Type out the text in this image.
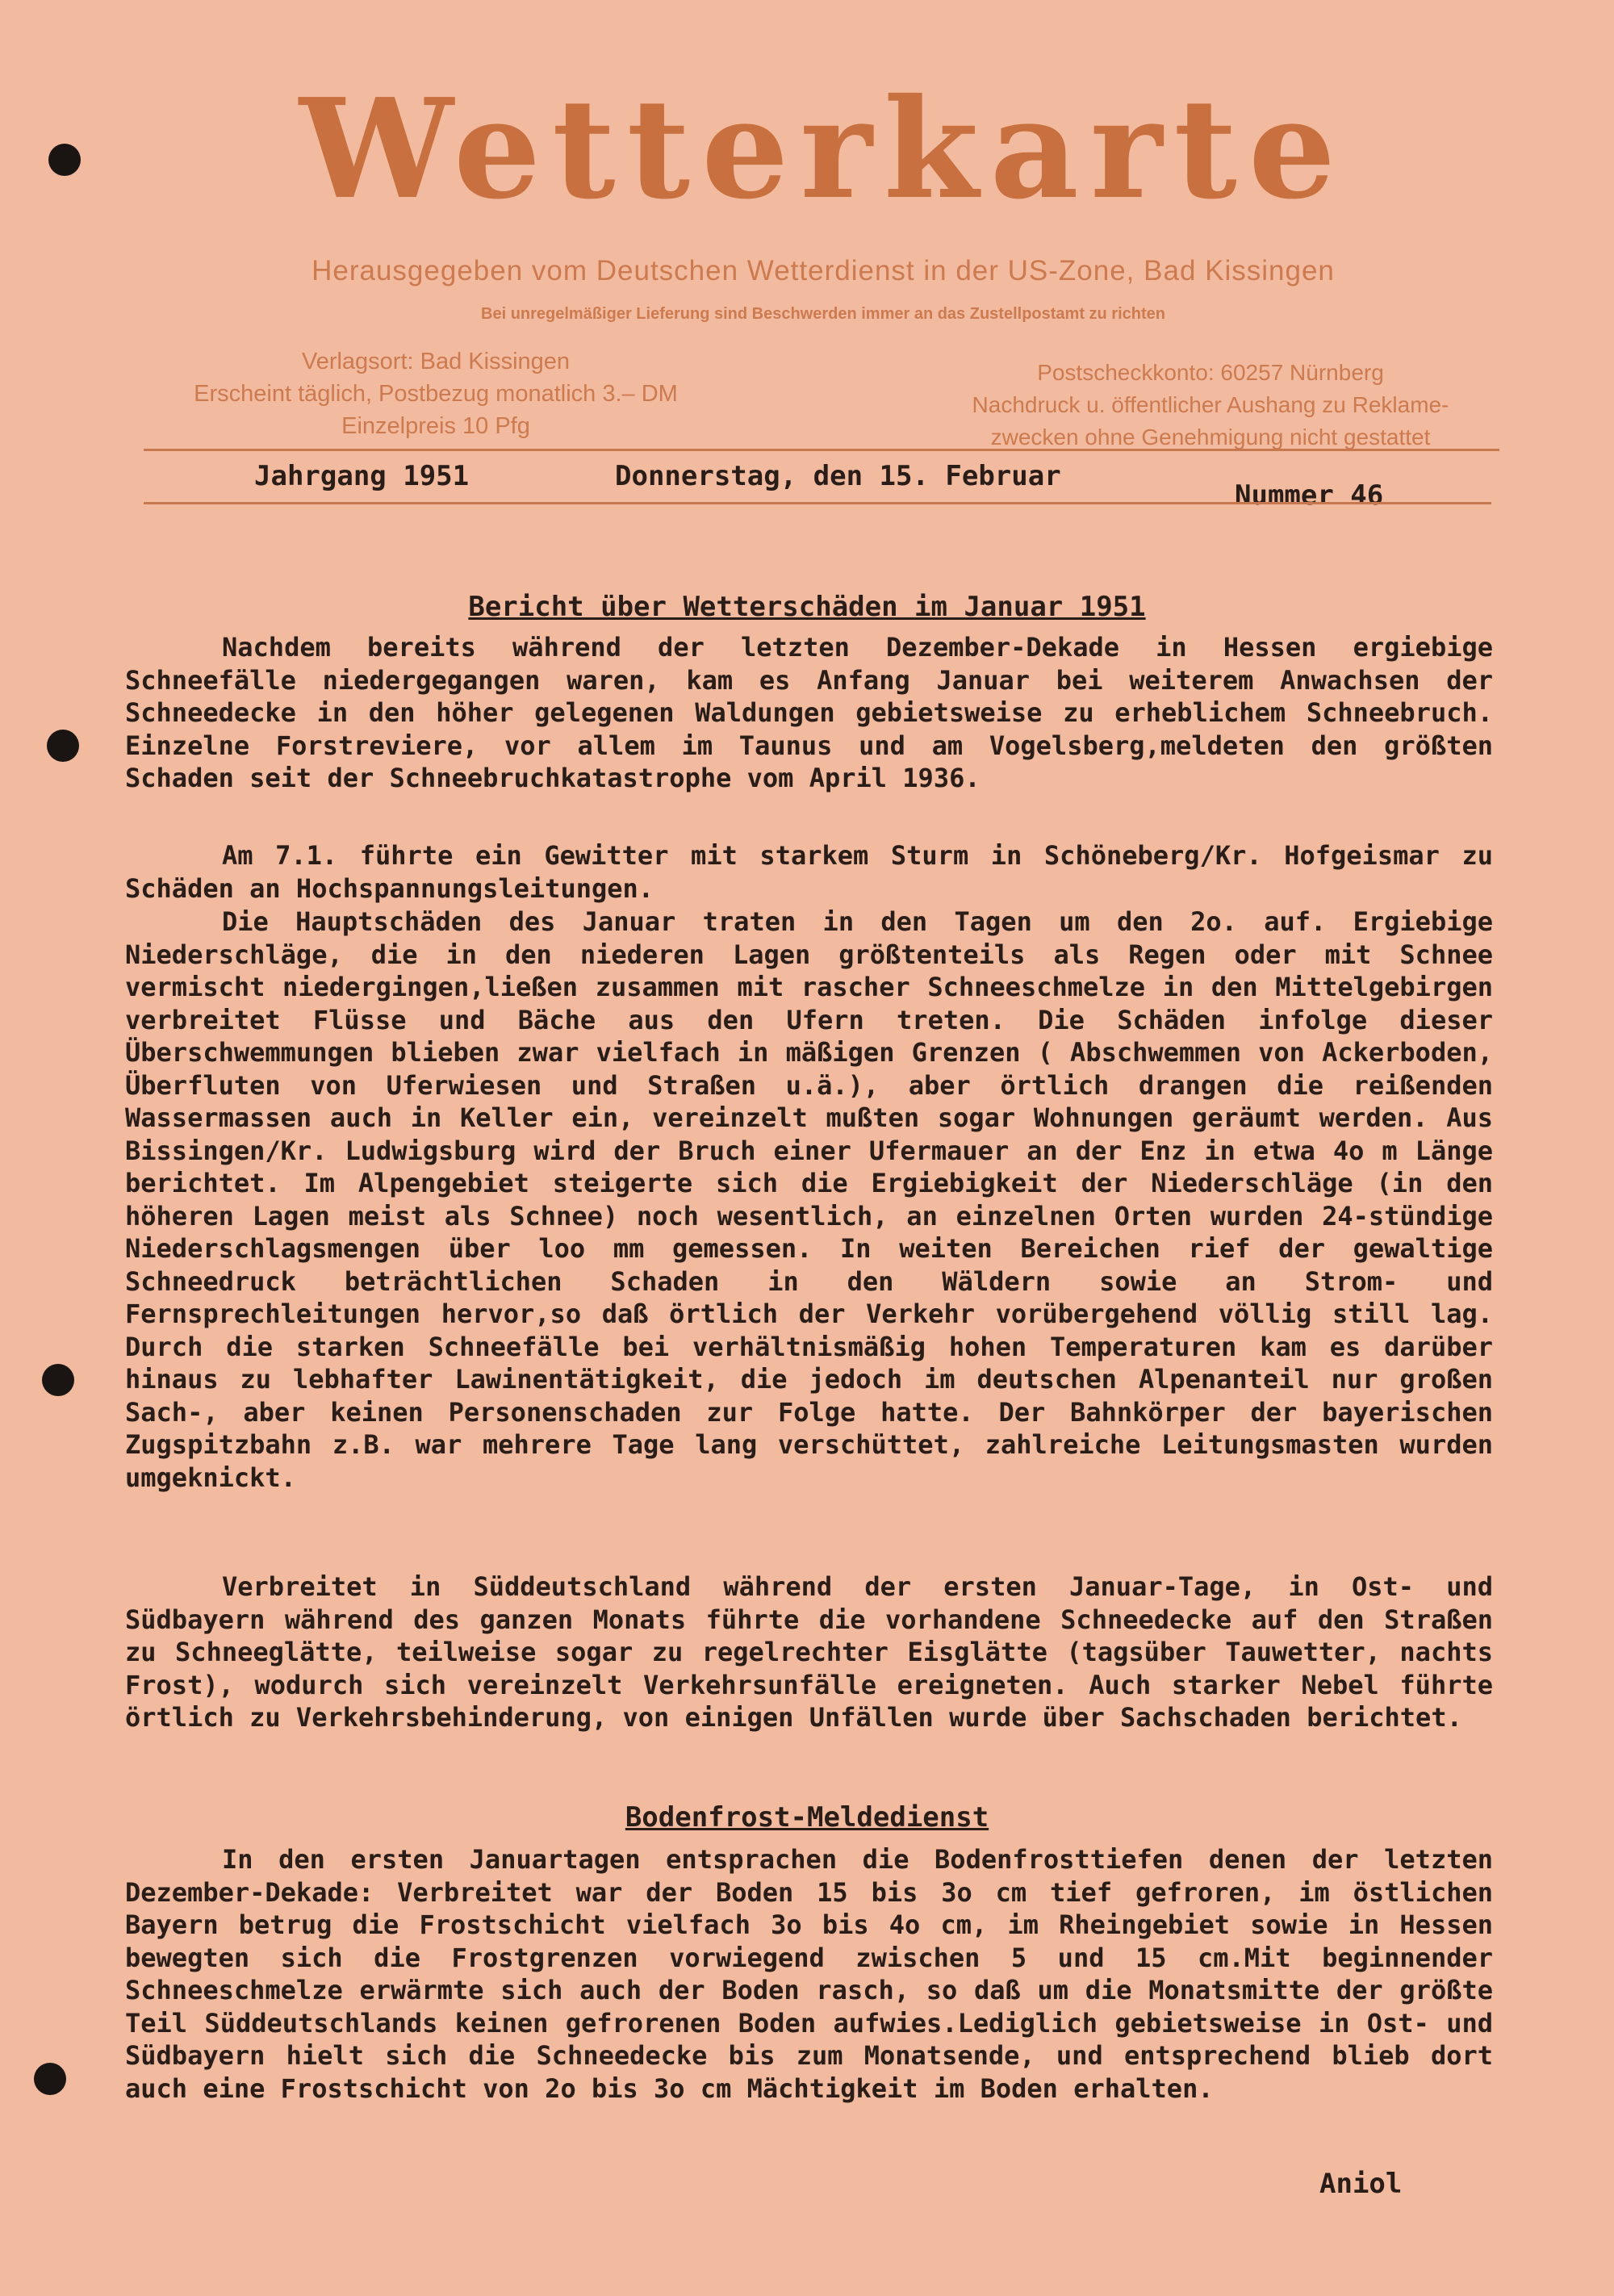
Wetterkarte
Herausgegeben vom Deutschen Wetterdienst in der US-Zone, Bad Kissingen
Bei unregelmäßiger Lieferung sind Beschwerden immer an das Zustellpostamt zu richten
Verlagsort: Bad Kissingen
Erscheint täglich, Postbezug monatlich 3.– DM
Einzelpreis 10 Pfg
Postscheckkonto: 60257 Nürnberg
Nachdruck u. öffentlicher Aushang zu Reklame-
zwecken ohne Genehmigung nicht gestattet
Jahrgang 1951	Donnerstag, den 15. Februar
Nummer 46
Bericht über Wetterschäden im Januar 1951

Nachdem bereits während der letzten Dezember-Dekade in Hessen ergiebige Schneefälle niedergegangen waren, kam es Anfang Januar bei weiterem Anwachsen der Schneedecke in den höher gelegenen Waldungen gebietsweise zu erheblichem Schneebruch. Einzelne Forstreviere, vor allem im Taunus und am Vogelsberg,meldeten den größten Schaden seit der Schneebruchkatastrophe vom April 1936.

Am 7.1. führte ein Gewitter mit starkem Sturm in Schöneberg/Kr. Hofgeismar zu Schäden an Hochspannungsleitungen.

Die Hauptschäden des Januar traten in den Tagen um den 2o. auf. Ergiebige Niederschläge, die in den niederen Lagen größtenteils als Regen oder mit Schnee vermischt niedergingen,ließen zusammen mit rascher Schneeschmelze in den Mittelgebirgen verbreitet Flüsse und Bäche aus den Ufern treten. Die Schäden infolge dieser Überschwemmungen blieben zwar vielfach in mäßigen Grenzen ( Abschwemmen von Ackerboden, Überfluten von Uferwiesen und Straßen u.ä.), aber örtlich drangen die reißenden Wassermassen auch in Keller ein, vereinzelt mußten sogar Wohnungen geräumt werden. Aus Bissingen/Kr. Ludwigsburg wird der Bruch einer Ufermauer an der Enz in etwa 4o m Länge berichtet. Im Alpengebiet steigerte sich die Ergiebigkeit der Niederschläge (in den höheren Lagen meist als Schnee) noch wesentlich, an einzelnen Orten wurden 24-stündige Niederschlagsmengen über loo mm gemessen. In weiten Bereichen rief der gewaltige Schneedruck beträchtlichen Schaden in den Wäldern sowie an Strom- und Fernsprechleitungen hervor,so daß örtlich der Verkehr vorübergehend völlig still lag. Durch die starken Schneefälle bei verhältnismäßig hohen Temperaturen kam es darüber hinaus zu lebhafter Lawinentätigkeit, die jedoch im deutschen Alpenanteil nur großen Sach-, aber keinen Personenschaden zur Folge hatte. Der Bahnkörper der bayerischen Zugspitzbahn z.B. war mehrere Tage lang verschüttet, zahlreiche Leitungsmasten wurden umgeknickt.

Verbreitet in Süddeutschland während der ersten Januar-Tage, in Ost- und Südbayern während des ganzen Monats führte die vorhandene Schneedecke auf den Straßen zu Schneeglätte, teilweise sogar zu regelrechter Eisglätte (tagsüber Tauwetter, nachts Frost), wodurch sich vereinzelt Verkehrsunfälle ereigneten. Auch starker Nebel führte örtlich zu Verkehrsbehinderung, von einigen Unfällen wurde über Sachschaden berichtet.

Bodenfrost-Meldedienst

In den ersten Januartagen entsprachen die Bodenfrosttiefen denen der letzten Dezember-Dekade: Verbreitet war der Boden 15 bis 3o cm tief gefroren, im östlichen Bayern betrug die Frostschicht vielfach 3o bis 4o cm, im Rheingebiet sowie in Hessen bewegten sich die Frostgrenzen vorwiegend zwischen 5 und 15 cm.Mit beginnender Schneeschmelze erwärmte sich auch der Boden rasch, so daß um die Monatsmitte der größte Teil Süddeutschlands keinen gefrorenen Boden aufwies.Lediglich gebietsweise in Ost- und Südbayern hielt sich die Schneedecke bis zum Monatsende, und entsprechend blieb dort auch eine Frostschicht von 2o bis 3o cm Mächtigkeit im Boden erhalten.

Aniol
